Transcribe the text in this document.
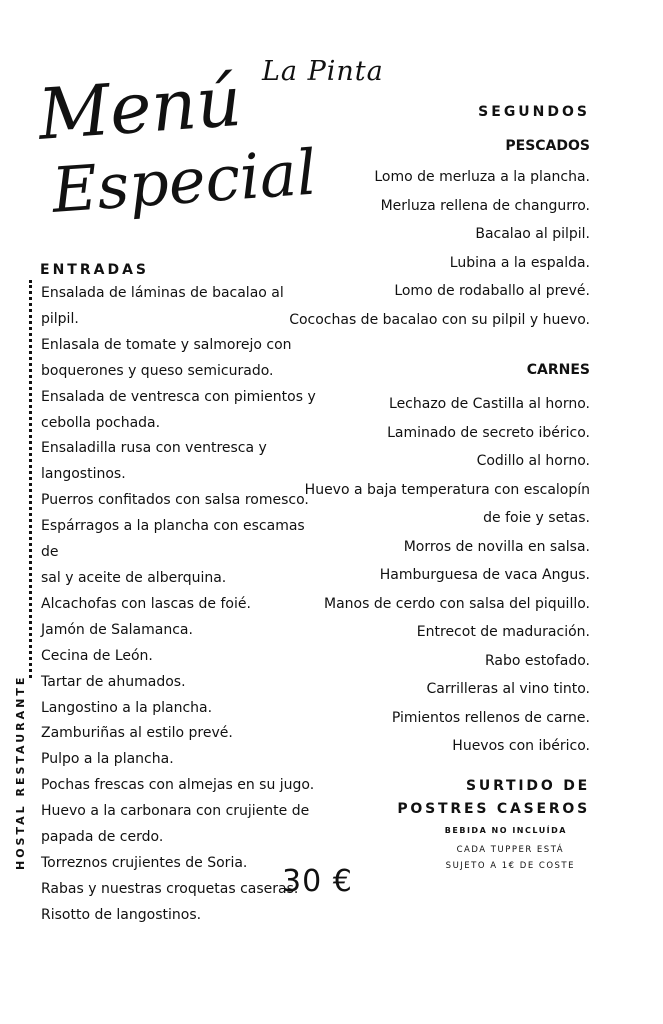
La Pinta
Menú
Especial
HOSTAL RESTAURANTE
ENTRADAS
Ensalada de láminas de bacalao al pilpil.
Enlasala de tomate y salmorejo con
boquerones y queso semicurado.
Ensalada de ventresca con pimientos y
cebolla pochada.
Ensaladilla rusa con ventresca y
langostinos.
Puerros confitados con salsa romesco.
Espárragos a la plancha con escamas de
sal y aceite de alberquina.
Alcachofas con lascas de foié.
Jamón de Salamanca.
Cecina de León.
Tartar de ahumados.
Langostino a la plancha.
Zamburiñas al estilo prevé.
Pulpo a la plancha.
Pochas frescas con almejas en su jugo.
Huevo a la carbonara con crujiente de
papada de cerdo.
Torreznos crujientes de Soria.
Rabas y nuestras croquetas caseras.
Risotto de langostinos.
SEGUNDOS
PESCADOS
Lomo de merluza a la plancha.
Merluza rellena de changurro.
Bacalao al pilpil.
Lubina a la espalda.
Lomo de rodaballo al prevé.
Cocochas de bacalao con su pilpil y huevo.
CARNES
Lechazo de Castilla al horno.
Laminado de secreto ibérico.
Codillo al horno.
Huevo a baja temperatura con escalopín
de foie y setas.
Morros de novilla en salsa.
Hamburguesa de vaca Angus.
Manos de cerdo con salsa del piquillo.
Entrecot de maduración.
Rabo estofado.
Carrilleras al vino tinto.
Pimientos rellenos de carne.
Huevos con ibérico.
SURTIDO DE
POSTRES CASEROS
BEBIDA NO INCLUÍDA
CADA TUPPER ESTÁ
SUJETO A 1€ DE COSTE
30 €
